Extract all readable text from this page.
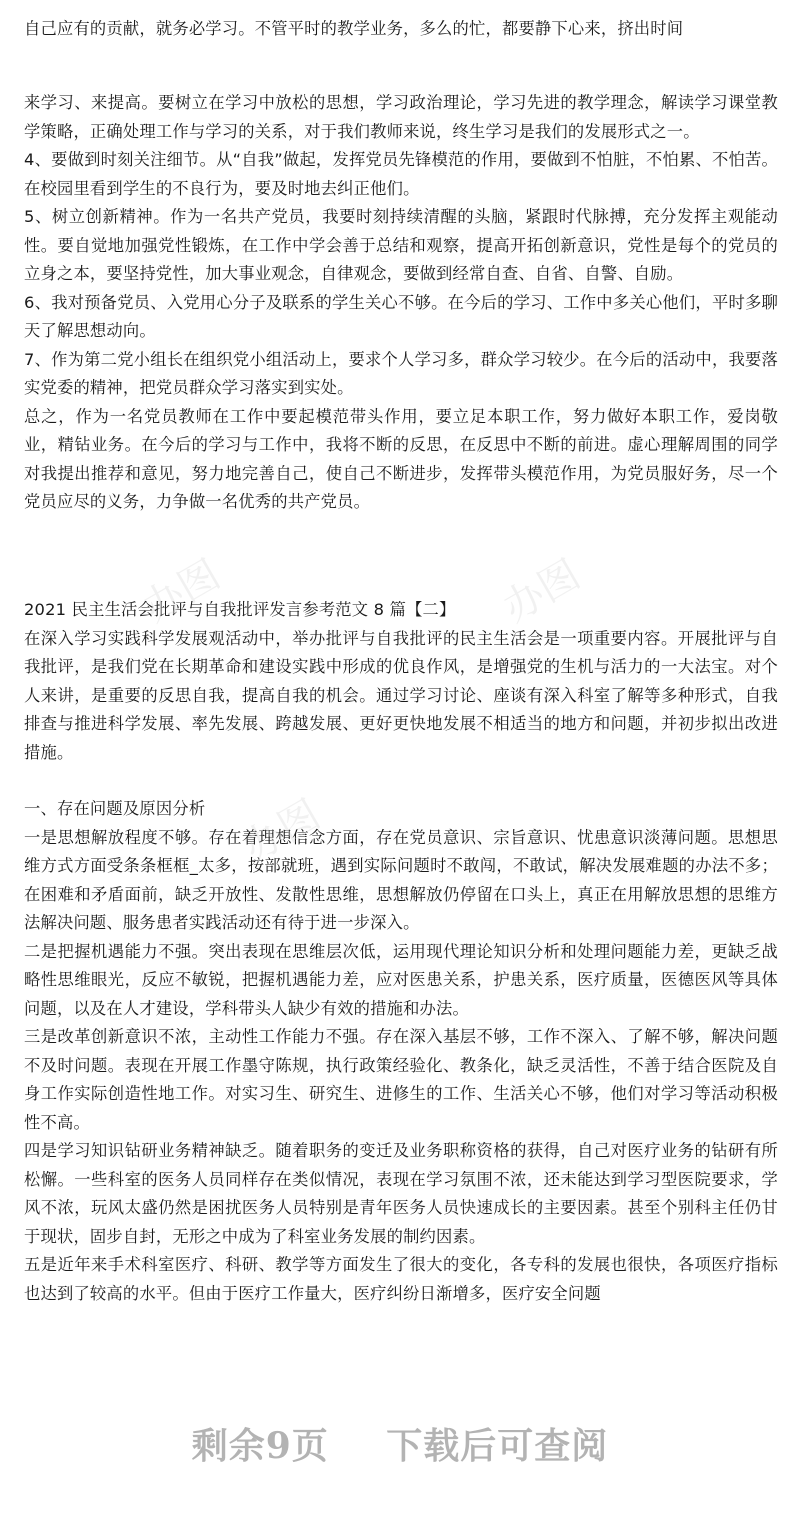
自己应有的贡献，就务必学习。不管平时的教学业务，多么的忙，都要静下心来，挤出时间

来学习、来提高。要树立在学习中放松的思想，学习政治理论，学习先进的教学理念，解读学习课堂教学策略，正确处理工作与学习的关系，对于我们教师来说，终生学习是我们的发展形式之一。

4、要做到时刻关注细节。从“自我”做起，发挥党员先锋模范的作用，要做到不怕脏，不怕累、不怕苦。在校园里看到学生的不良行为，要及时地去纠正他们。

5、树立创新精神。作为一名共产党员，我要时刻持续清醒的头脑，紧跟时代脉搏，充分发挥主观能动性。要自觉地加强党性锻炼，在工作中学会善于总结和观察，提高开拓创新意识，党性是每个的党员的立身之本，要坚持党性，加大事业观念，自律观念，要做到经常自查、自省、自警、自励。

6、我对预备党员、入党用心分子及联系的学生关心不够。在今后的学习、工作中多关心他们，平时多聊天了解思想动向。

7、作为第二党小组长在组织党小组活动上，要求个人学习多，群众学习较少。在今后的活动中，我要落实党委的精神，把党员群众学习落实到实处。

总之，作为一名党员教师在工作中要起模范带头作用，要立足本职工作，努力做好本职工作，爱岗敬业，精钻业务。在今后的学习与工作中，我将不断的反思，在反思中不断的前进。虚心理解周围的同学对我提出推荐和意见，努力地完善自己，使自己不断进步，发挥带头模范作用，为党员服好务，尽一个党员应尽的义务，力争做一名优秀的共产党员。

2021 民主生活会批评与自我批评发言参考范文 8 篇【二】

在深入学习实践科学发展观活动中，举办批评与自我批评的民主生活会是一项重要内容。开展批评与自我批评，是我们党在长期革命和建设实践中形成的优良作风，是增强党的生机与活力的一大法宝。对个人来讲，是重要的反思自我，提高自我的机会。通过学习讨论、座谈有深入科室了解等多种形式，自我排查与推进科学发展、率先发展、跨越发展、更好更快地发展不相适当的地方和问题，并初步拟出改进措施。

一、存在问题及原因分析

一是思想解放程度不够。存在着理想信念方面，存在党员意识、宗旨意识、忧患意识淡薄问题。思想思维方式方面受条条框框_太多，按部就班，遇到实际问题时不敢闯，不敢试，解决发展难题的办法不多；在困难和矛盾面前，缺乏开放性、发散性思维，思想解放仍停留在口头上，真正在用解放思想的思维方法解决问题、服务患者实践活动还有待于进一步深入。

二是把握机遇能力不强。突出表现在思维层次低，运用现代理论知识分析和处理问题能力差，更缺乏战略性思维眼光，反应不敏锐，把握机遇能力差，应对医患关系，护患关系，医疗质量，医德医风等具体问题，以及在人才建设，学科带头人缺少有效的措施和办法。

三是改革创新意识不浓，主动性工作能力不强。存在深入基层不够，工作不深入、了解不够，解决问题不及时问题。表现在开展工作墨守陈规，执行政策经验化、教条化，缺乏灵活性，不善于结合医院及自身工作实际创造性地工作。对实习生、研究生、进修生的工作、生活关心不够，他们对学习等活动积极性不高。

四是学习知识钻研业务精神缺乏。随着职务的变迁及业务职称资格的获得，自己对医疗业务的钻研有所松懈。一些科室的医务人员同样存在类似情况，表现在学习氛围不浓，还未能达到学习型医院要求，学风不浓，玩风太盛仍然是困扰医务人员特别是青年医务人员快速成长的主要因素。甚至个别科主任仍甘于现状，固步自封，无形之中成为了科室业务发展的制约因素。

五是近年来手术科室医疗、科研、教学等方面发生了很大的变化，各专科的发展也很快，各项医疗指标也达到了较高的水平。但由于医疗工作量大，医疗纠纷日渐增多，医疗安全问题

办图	办图
办图
剩余9页 下载后可查阅
